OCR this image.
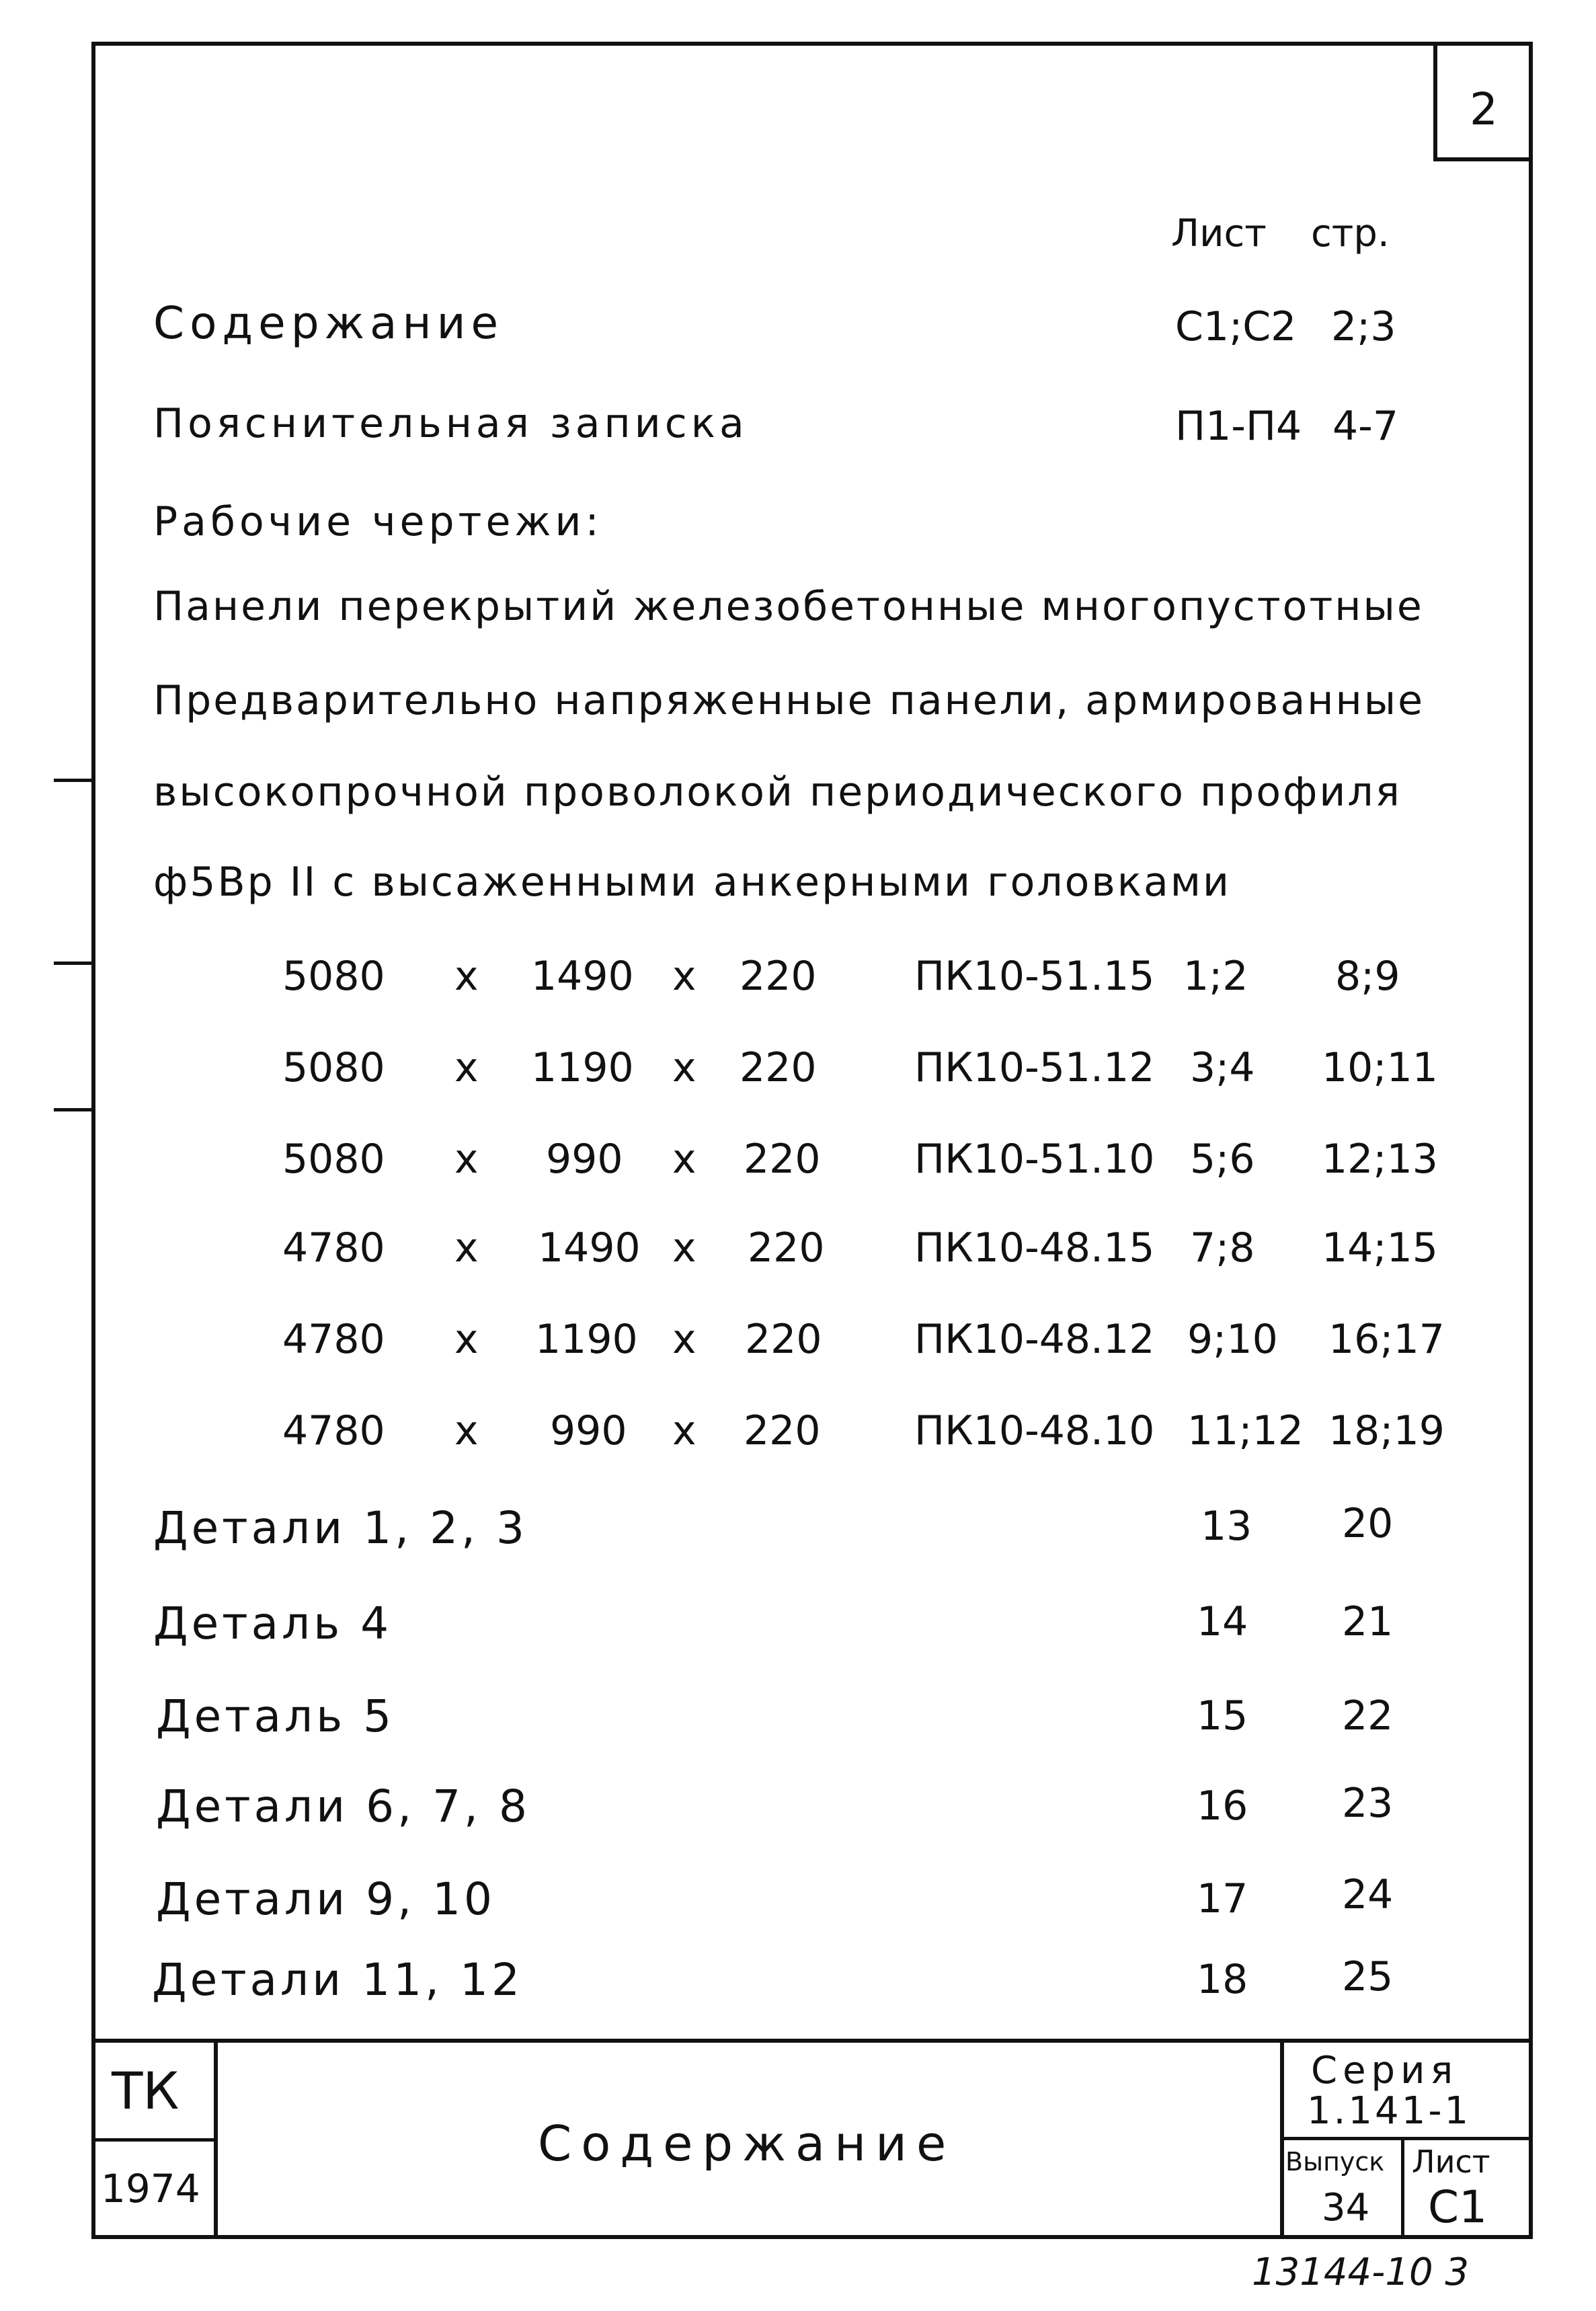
2
Лист стр.
Содержание	С1;С2 2;3
Пояснительная записка	П1-П4 4-7
Рабочие чертежи:
Панели перекрытий железобетонные многопустотные
Предварительно напряженные панели, армированные
высокопрочной проволокой периодического профиля
ф5Вр II с высаженными анкерными головками
5080 x 1490 x 220 ПК10-51.15 1;2 8;9
5080 x 1190 x 220 ПК10-51.12 3;4 10;11
5080 x 990 x 220 ПК10-51.10 5;6 12;13
4780 x 1490 x 220 ПК10-48.15 7;8 14;15
4780 x 1190 x 220 ПК10-48.12 9;10 16;17
4780 x 990 x 220 ПК10-48.10 11;12 18;19
Детали 1, 2, 3	13 20
Деталь 4	14 21
Деталь 5	15 22
Детали 6, 7, 8	16 23
Детали 9, 10	17 24
Детали 11, 12	18 25
ТК
1974
Содержание
Серия
1.141-1
Выпуск
34
Лист
С1
13144-10 3
